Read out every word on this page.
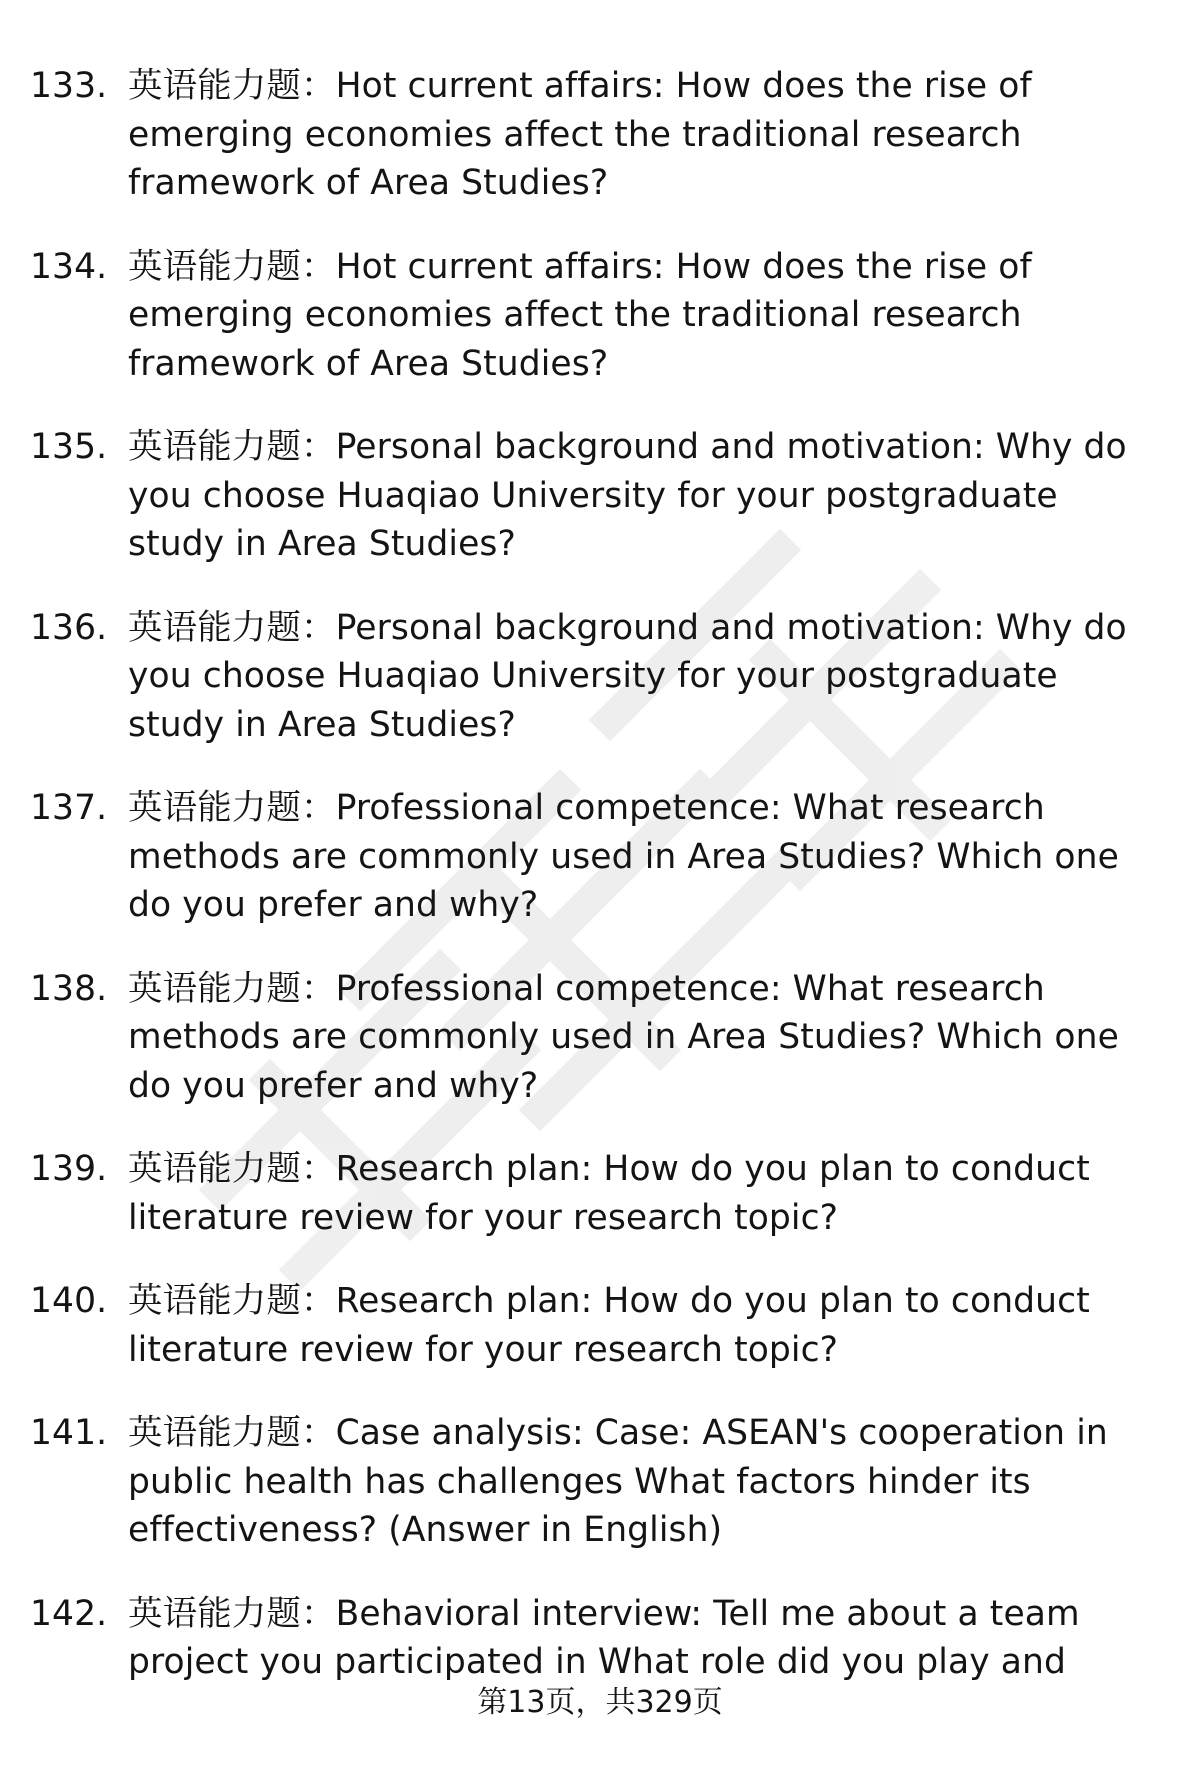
133. 英语能力题：Hot current affairs: How does the rise of emerging economies affect the traditional research framework of Area Studies?
134. 英语能力题：Hot current affairs: How does the rise of emerging economies affect the traditional research framework of Area Studies?
135. 英语能力题：Personal background and motivation: Why do you choose Huaqiao University for your postgraduate study in Area Studies?
136. 英语能力题：Personal background and motivation: Why do you choose Huaqiao University for your postgraduate study in Area Studies?
137. 英语能力题：Professional competence: What research methods are commonly used in Area Studies? Which one do you prefer and why?
138. 英语能力题：Professional competence: What research methods are commonly used in Area Studies? Which one do you prefer and why?
139. 英语能力题：Research plan: How do you plan to conduct literature review for your research topic?
140. 英语能力题：Research plan: How do you plan to conduct literature review for your research topic?
141. 英语能力题：Case analysis: Case: ASEAN's cooperation in public health has challenges What factors hinder its effectiveness? (Answer in English)
142. 英语能力题：Behavioral interview: Tell me about a team project you participated in What role did you play and
第13页，共329页
